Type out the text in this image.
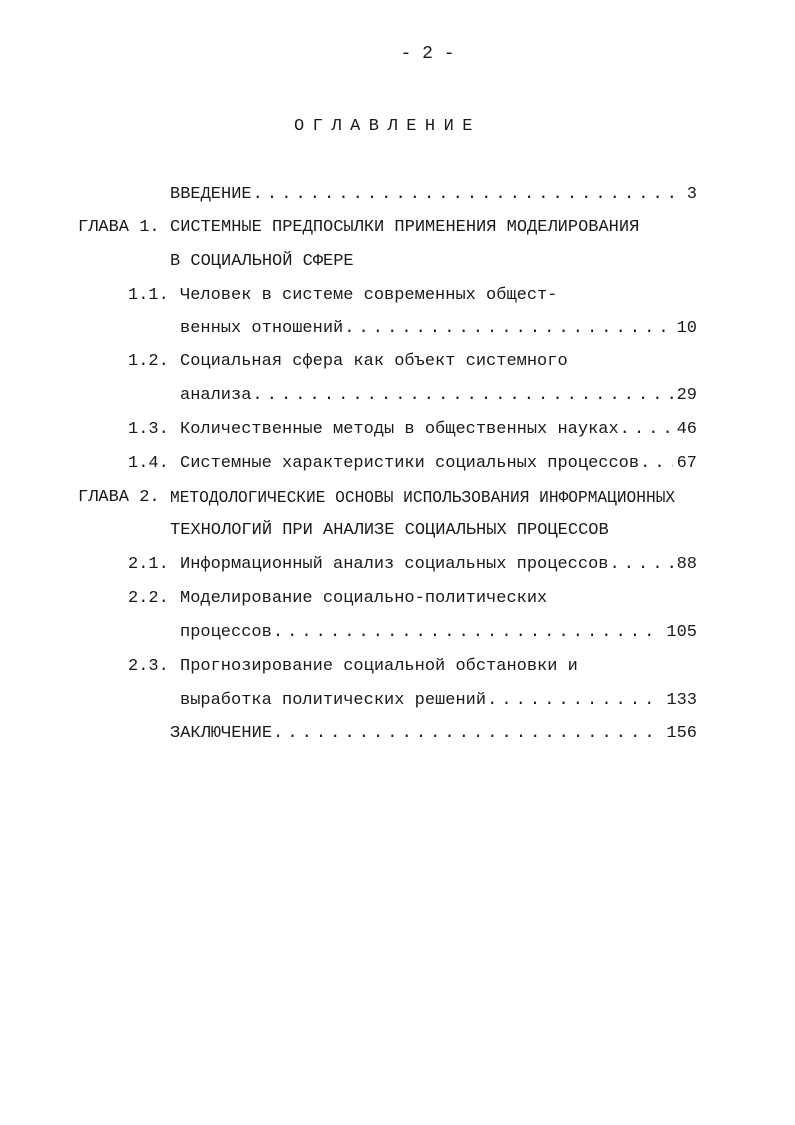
- 2 -
ОГЛАВЛЕНИЕ
ВВЕДЕНИЕ .....	3
ГЛАВА 1. СИСТЕМНЫЕ ПРЕДПОСЫЛКИ ПРИМЕНЕНИЯ МОДЕЛИРОВАНИЯ
В СОЦИАЛЬНОЙ СФЕРЕ
1.1. Человек в системе современных общест-
венных отношений .....	10
1.2. Социальная сфера как объект системного
анализа .....	29
1.3. Количественные методы в общественных науках .....	46
1.4. Системные характеристики социальных процессов ..... 67
ГЛАВА 2. МЕТОДОЛОГИЧЕСКИЕ ОСНОВЫ ИСПОЛЬЗОВАНИЯ ИНФОРМАЦИОННЫХ
ТЕХНОЛОГИЙ ПРИ АНАЛИЗЕ СОЦИАЛЬНЫХ ПРОЦЕССОВ
2.1. Информационный анализ социальных процессов .....	88
2.2. Моделирование социально-политических
процессов .....	105
2.3. Прогнозирование социальной обстановки и
выработка политических решений .....	133
ЗАКЛЮЧЕНИЕ .....	156
